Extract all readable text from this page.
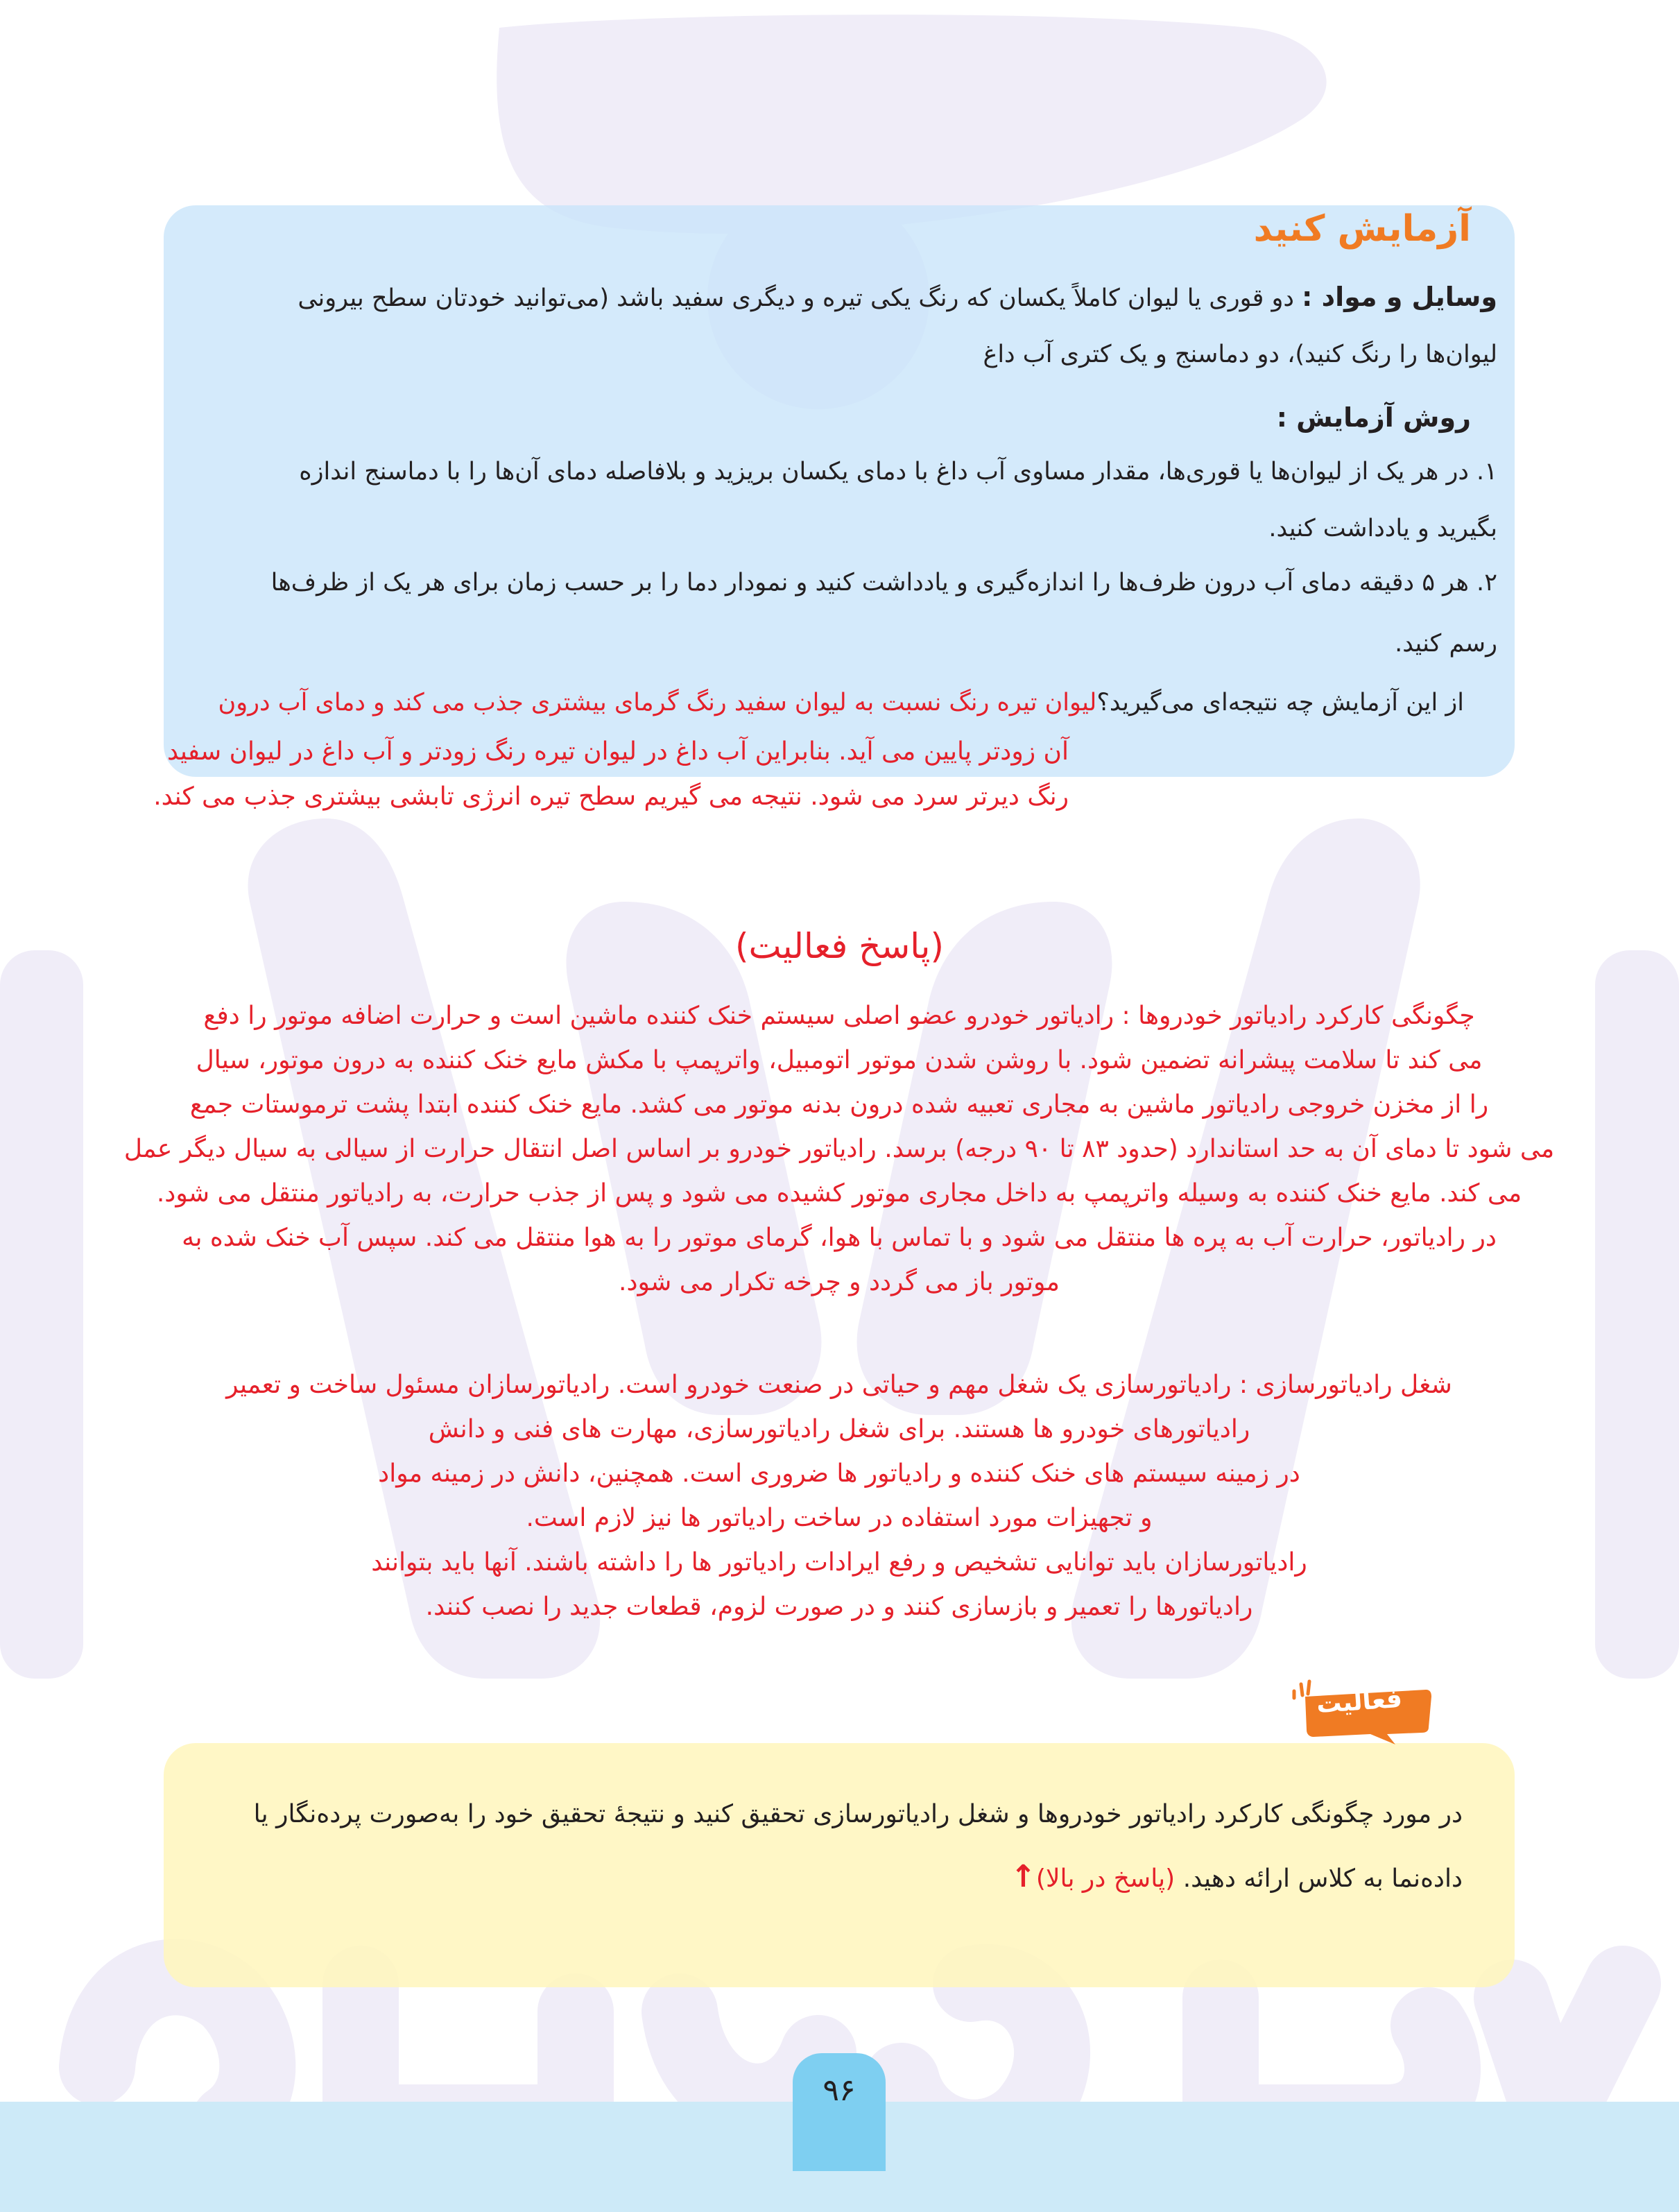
آزمایش کنید
وسایل و مواد : دو قوری یا لیوان کاملاً یکسان که رنگ یکی تیره و دیگری سفید باشد (می‌توانید خودتان سطح بیرونی
لیوان‌ها را رنگ کنید)، دو دماسنج و یک کتری آب داغ
روش آزمایش :
۱. در هر یک از لیوان‌ها یا قوری‌ها، مقدار مساوی آب داغ با دمای یکسان بریزید و بلافاصله دمای آن‌ها را با دماسنج اندازه
بگیرید و یادداشت کنید.
۲. هر ۵ دقیقه دمای آب درون ظرف‌ها را اندازه‌گیری و یادداشت کنید و نمودار دما را بر حسب زمان برای هر یک از ظرف‌ها
رسم کنید.
از این آزمایش چه نتیجه‌ای می‌گیرید؟لیوان تیره رنگ نسبت به لیوان سفید رنگ گرمای بیشتری جذب می کند و دمای آب درون
آن زودتر پایین می آید. بنابراین آب داغ در لیوان تیره رنگ زودتر و آب داغ در لیوان سفید
رنگ دیرتر سرد می شود. نتیجه می گیریم سطح تیره انرژی تابشی بیشتری جذب می کند.
(پاسخ فعالیت)
چگونگی کارکرد رادیاتور خودروها : رادیاتور خودرو عضو اصلی سیستم خنک کننده ماشین است و حرارت اضافه موتور را دفع
می کند تا سلامت پیشرانه تضمین شود. با روشن شدن موتور اتومبیل، واترپمپ با مکش مایع خنک کننده به درون موتور، سیال
را از مخزن خروجی رادیاتور ماشین به مجاری تعبیه شده درون بدنه موتور می کشد. مایع خنک کننده ابتدا پشت ترموستات جمع
می شود تا دمای آن به حد استاندارد (حدود ۸۳ تا ۹۰ درجه) برسد. رادیاتور خودرو بر اساس اصل انتقال حرارت از سیالی به سیال دیگر عمل
می کند. مایع خنک کننده به وسیله واترپمپ به داخل مجاری موتور کشیده می شود و پس از جذب حرارت، به رادیاتور منتقل می شود.
در رادیاتور، حرارت آب به پره ها منتقل می شود و با تماس با هوا، گرمای موتور را به هوا منتقل می کند. سپس آب خنک شده به
موتور باز می گردد و چرخه تکرار می شود.
شغل رادیاتورسازی : رادیاتورسازی یک شغل مهم و حیاتی در صنعت خودرو است. رادیاتورسازان مسئول ساخت و تعمیر
رادیاتورهای خودرو ها هستند. برای شغل رادیاتورسازی، مهارت های فنی و دانش
در زمینه سیستم های خنک کننده و رادیاتور ها ضروری است. همچنین، دانش در زمینه مواد
و تجهیزات مورد استفاده در ساخت رادیاتور ها نیز لازم است.
رادیاتورسازان باید توانایی تشخیص و رفع ایرادات رادیاتور ها را داشته باشند. آنها باید بتوانند
رادیاتورها را تعمیر و بازسازی کنند و در صورت لزوم، قطعات جدید را نصب کنند.
فعالیت
در مورد چگونگی کارکرد رادیاتور خودروها و شغل رادیاتورسازی تحقیق کنید و نتیجهٔ تحقیق خود را به‌صورت پرده‌نگار یا
داده‌نما به کلاس ارائه دهید. (پاسخ در بالا)↑
۹۶
